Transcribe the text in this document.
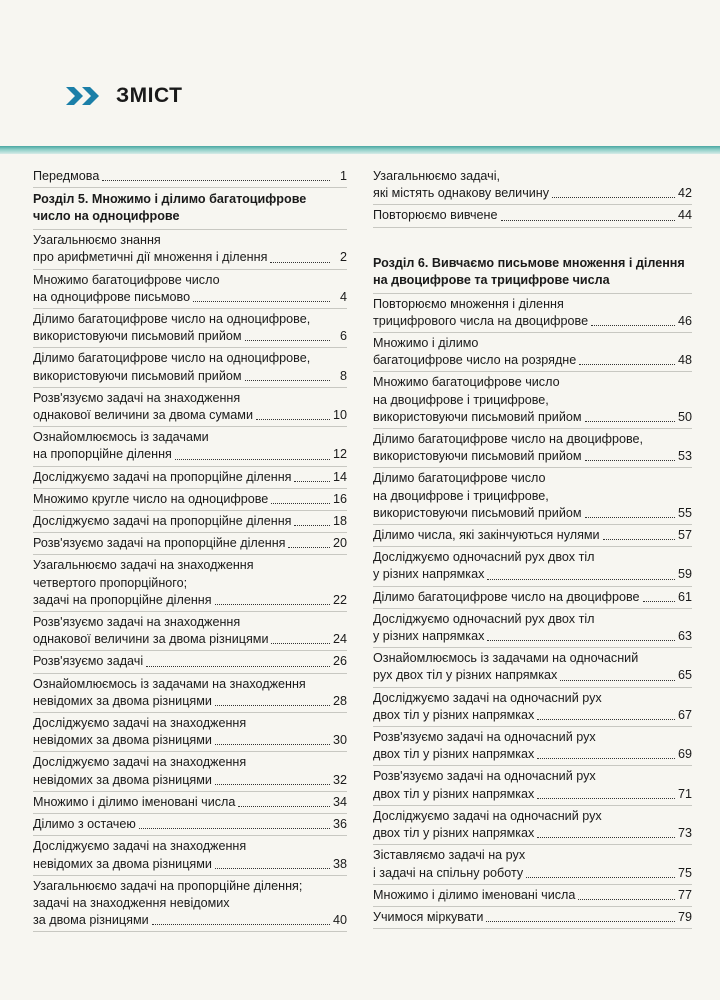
ЗМІСТ
Передмова	1
Розділ 5. Множимо і ділимо багатоцифрове число на одноцифрове
Узагальнюємо знання
про арифметичні дії множення і ділення	2
Множимо багатоцифрове число
на одноцифрове письмово	4
Ділимо багатоцифрове число на одноцифрове,
використовуючи письмовий прийом	6
Ділимо багатоцифрове число на одноцифрове,
використовуючи письмовий прийом	8
Розв'язуємо задачі на знаходження
однакової величини за двома сумами	10
Ознайомлюємось із задачами
на пропорційне ділення	12
Досліджуємо задачі на пропорційне ділення	14
Множимо кругле число на одноцифрове	16
Досліджуємо задачі на пропорційне ділення	18
Розв'язуємо задачі на пропорційне ділення	20
Узагальнюємо задачі на знаходження
четвертого пропорційного;
задачі на пропорційне ділення	22
Розв'язуємо задачі на знаходження
однакової величини за двома різницями	24
Розв'язуємо задачі	26
Ознайомлюємось із задачами на знаходження
невідомих за двома різницями	28
Досліджуємо задачі на знаходження
невідомих за двома різницями	30
Досліджуємо задачі на знаходження
невідомих за двома різницями	32
Множимо і ділимо іменовані числа	34
Ділимо з остачею	36
Досліджуємо задачі на знаходження
невідомих за двома різницями	38
Узагальнюємо задачі на пропорційне ділення;
задачі на знаходження невідомих
за двома різницями	40
Узагальнюємо задачі,
які містять однакову величину	42
Повторюємо вивчене	44
Розділ 6. Вивчаємо письмове множення і ділення на двоцифрове та трицифрове числа
Повторюємо множення і ділення
трицифрового числа на двоцифрове	46
Множимо і ділимо
багатоцифрове число на розрядне	48
Множимо багатоцифрове число
на двоцифрове і трицифрове,
використовуючи письмовий прийом	50
Ділимо багатоцифрове число на двоцифрове,
використовуючи письмовий прийом	53
Ділимо багатоцифрове число
на двоцифрове і трицифрове,
використовуючи письмовий прийом	55
Ділимо числа, які закінчуються нулями	57
Досліджуємо одночасний рух двох тіл
у різних напрямках	59
Ділимо багатоцифрове число на двоцифрове	61
Досліджуємо одночасний рух двох тіл
у різних напрямках	63
Ознайомлюємось із задачами на одночасний
рух двох тіл у різних напрямках	65
Досліджуємо задачі на одночасний рух
двох тіл у різних напрямках	67
Розв'язуємо задачі на одночасний рух
двох тіл у різних напрямках	69
Розв'язуємо задачі на одночасний рух
двох тіл у різних напрямках	71
Досліджуємо задачі на одночасний рух
двох тіл у різних напрямках	73
Зіставляємо задачі на рух
і задачі на спільну роботу	75
Множимо і ділимо іменовані числа	77
Учимося міркувати	79
